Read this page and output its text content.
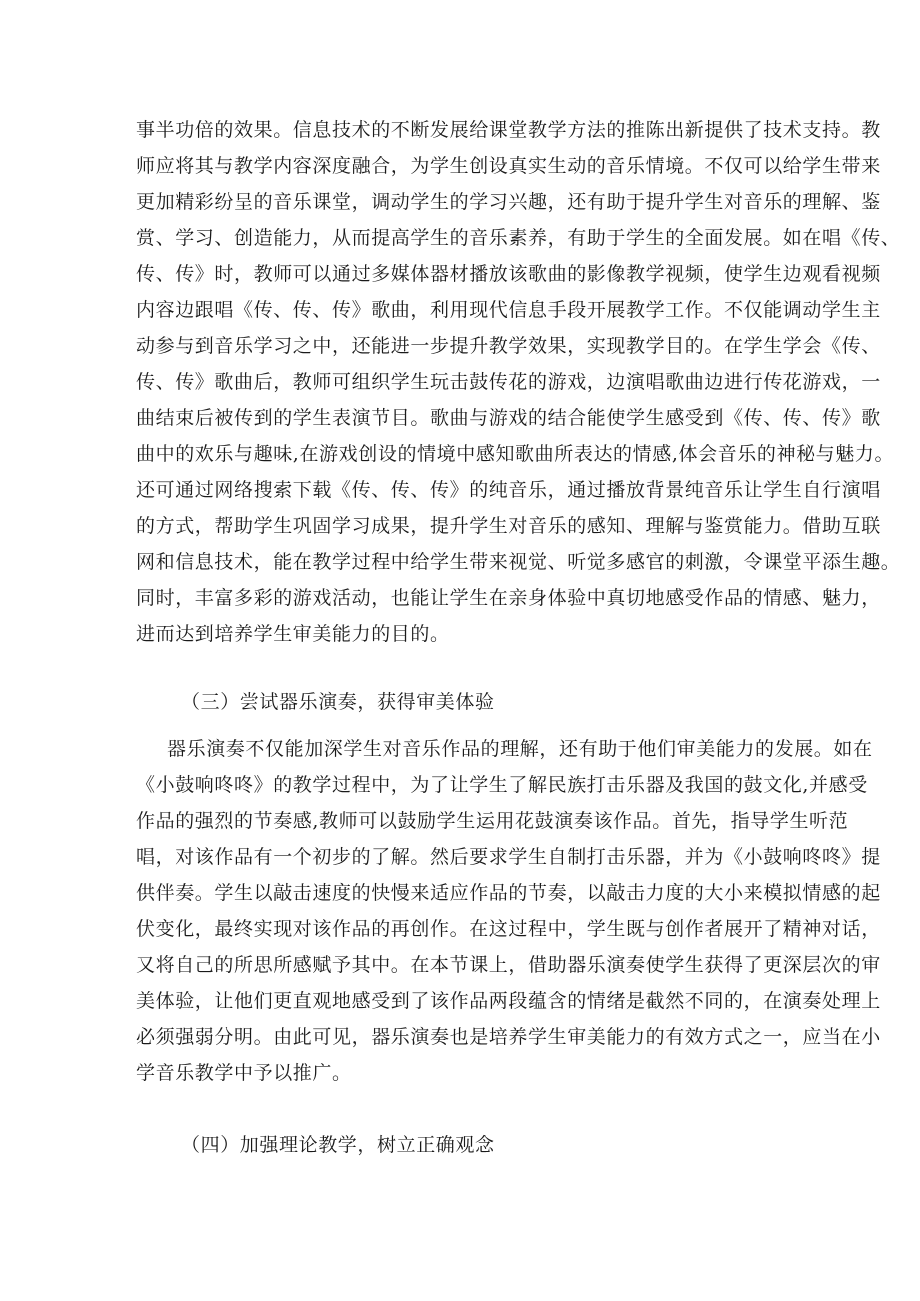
事半功倍的效果。信息技术的不断发展给课堂教学方法的推陈出新提供了技术支持。教
师应将其与教学内容深度融合，为学生创设真实生动的音乐情境。不仅可以给学生带来
更加精彩纷呈的音乐课堂，调动学生的学习兴趣，还有助于提升学生对音乐的理解、鉴
赏、学习、创造能力，从而提高学生的音乐素养，有助于学生的全面发展。如在唱《传、
传、传》时，教师可以通过多媒体器材播放该歌曲的影像教学视频，使学生边观看视频
内容边跟唱《传、传、传》歌曲，利用现代信息手段开展教学工作。不仅能调动学生主
动参与到音乐学习之中，还能进一步提升教学效果，实现教学目的。在学生学会《传、
传、传》歌曲后，教师可组织学生玩击鼓传花的游戏，边演唱歌曲边进行传花游戏，一
曲结束后被传到的学生表演节目。歌曲与游戏的结合能使学生感受到《传、传、传》歌
曲中的欢乐与趣味,在游戏创设的情境中感知歌曲所表达的情感,体会音乐的神秘与魅力。
还可通过网络搜索下载《传、传、传》的纯音乐，通过播放背景纯音乐让学生自行演唱
的方式，帮助学生巩固学习成果，提升学生对音乐的感知、理解与鉴赏能力。借助互联
网和信息技术，能在教学过程中给学生带来视觉、听觉多感官的刺激，令课堂平添生趣。
同时，丰富多彩的游戏活动，也能让学生在亲身体验中真切地感受作品的情感、魅力，
进而达到培养学生审美能力的目的。
（三）尝试器乐演奏，获得审美体验
器乐演奏不仅能加深学生对音乐作品的理解，还有助于他们审美能力的发展。如在
《小鼓响咚咚》的教学过程中，为了让学生了解民族打击乐器及我国的鼓文化,并感受
作品的强烈的节奏感,教师可以鼓励学生运用花鼓演奏该作品。首先，指导学生听范
唱，对该作品有一个初步的了解。然后要求学生自制打击乐器，并为《小鼓响咚咚》提
供伴奏。学生以敲击速度的快慢来适应作品的节奏，以敲击力度的大小来模拟情感的起
伏变化，最终实现对该作品的再创作。在这过程中，学生既与创作者展开了精神对话，
又将自己的所思所感赋予其中。在本节课上，借助器乐演奏使学生获得了更深层次的审
美体验，让他们更直观地感受到了该作品两段蕴含的情绪是截然不同的，在演奏处理上
必须强弱分明。由此可见，器乐演奏也是培养学生审美能力的有效方式之一，应当在小
学音乐教学中予以推广。
（四）加强理论教学，树立正确观念
